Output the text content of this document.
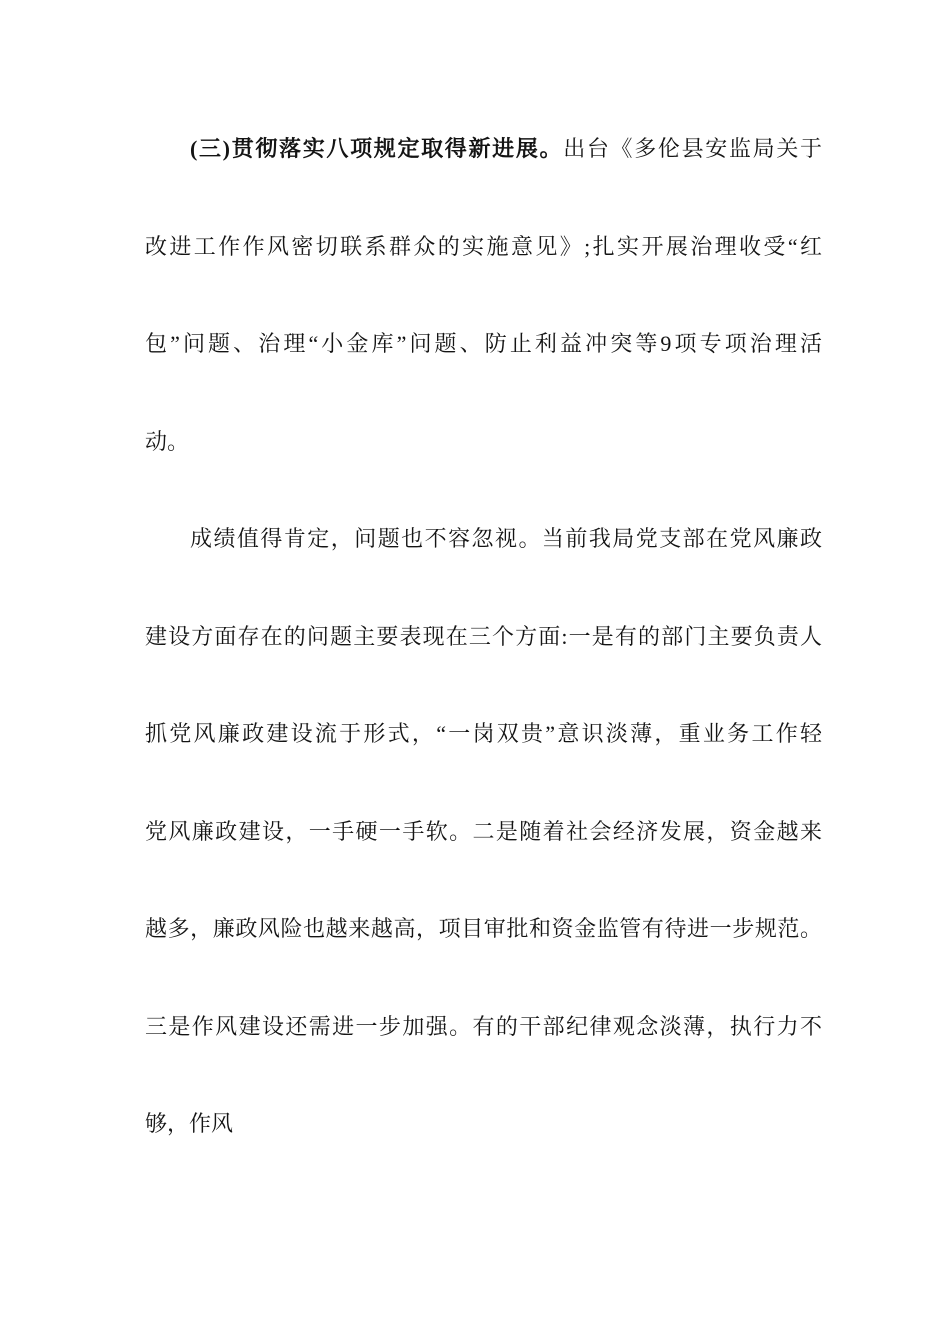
(三)贯彻落实八项规定取得新进展。出台《多伦县安监局关于
改进工作作风密切联系群众的实施意见》;扎实开展治理收受“红
包”问题、治理“小金库”问题、防止利益冲突等9项专项治理活
动。
成绩值得肯定，问题也不容忽视。当前我局党支部在党风廉政
建设方面存在的问题主要表现在三个方面:一是有的部门主要负责人
抓党风廉政建设流于形式，“一岗双贵”意识淡薄，重业务工作轻
党风廉政建设，一手硬一手软。二是随着社会经济发展，资金越来
越多，廉政风险也越来越高，项目审批和资金监管有待进一步规范。
三是作风建设还需进一步加强。有的干部纪律观念淡薄，执行力不
够，作风
